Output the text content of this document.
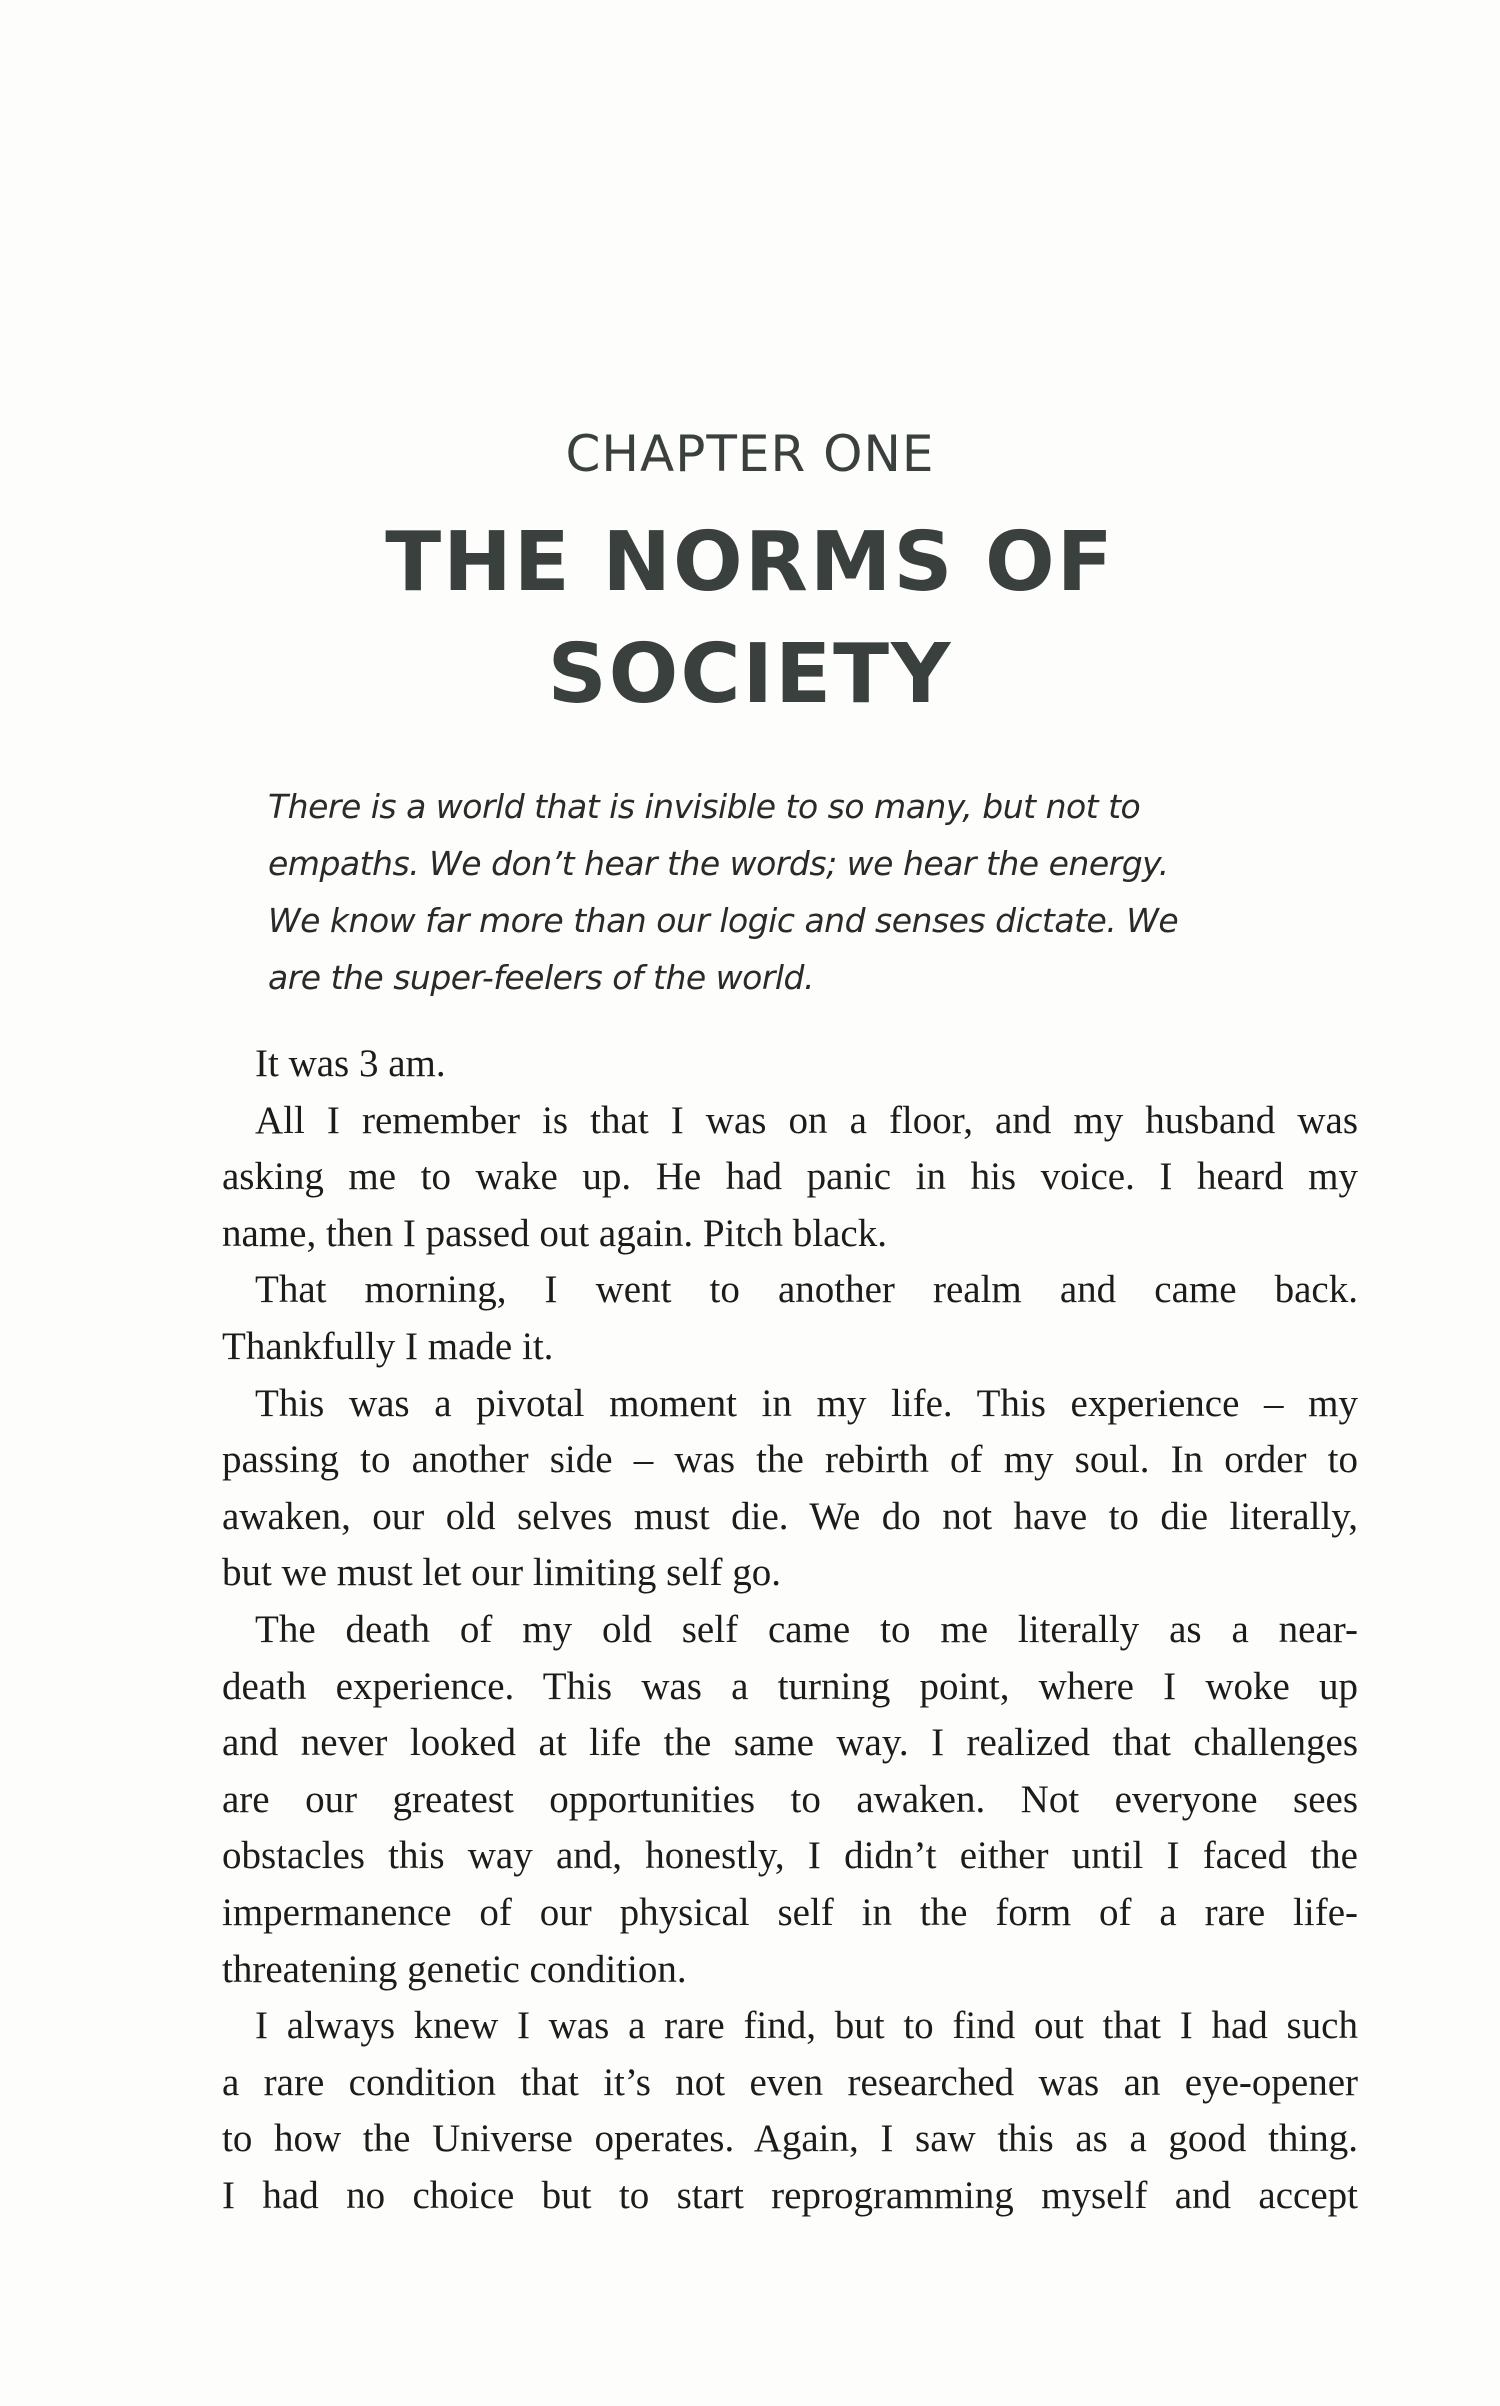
CHAPTER ONE
THE NORMS OF
SOCIETY
There is a world that is invisible to so many, but not to
empaths. We don’t hear the words; we hear the energy.
We know far more than our logic and senses dictate. We
are the super-feelers of the world.
It was 3 am.
All I remember is that I was on a floor, and my husband was
asking me to wake up. He had panic in his voice. I heard my
name, then I passed out again. Pitch black.
That morning, I went to another realm and came back.
Thankfully I made it.
This was a pivotal moment in my life. This experience – my
passing to another side – was the rebirth of my soul. In order to
awaken, our old selves must die. We do not have to die literally,
but we must let our limiting self go.
The death of my old self came to me literally as a near-
death experience. This was a turning point, where I woke up
and never looked at life the same way. I realized that challenges
are our greatest opportunities to awaken. Not everyone sees
obstacles this way and, honestly, I didn’t either until I faced the
impermanence of our physical self in the form of a rare life-
threatening genetic condition.
I always knew I was a rare find, but to find out that I had such
a rare condition that it’s not even researched was an eye-opener
to how the Universe operates. Again, I saw this as a good thing.
I had no choice but to start reprogramming myself and accept
